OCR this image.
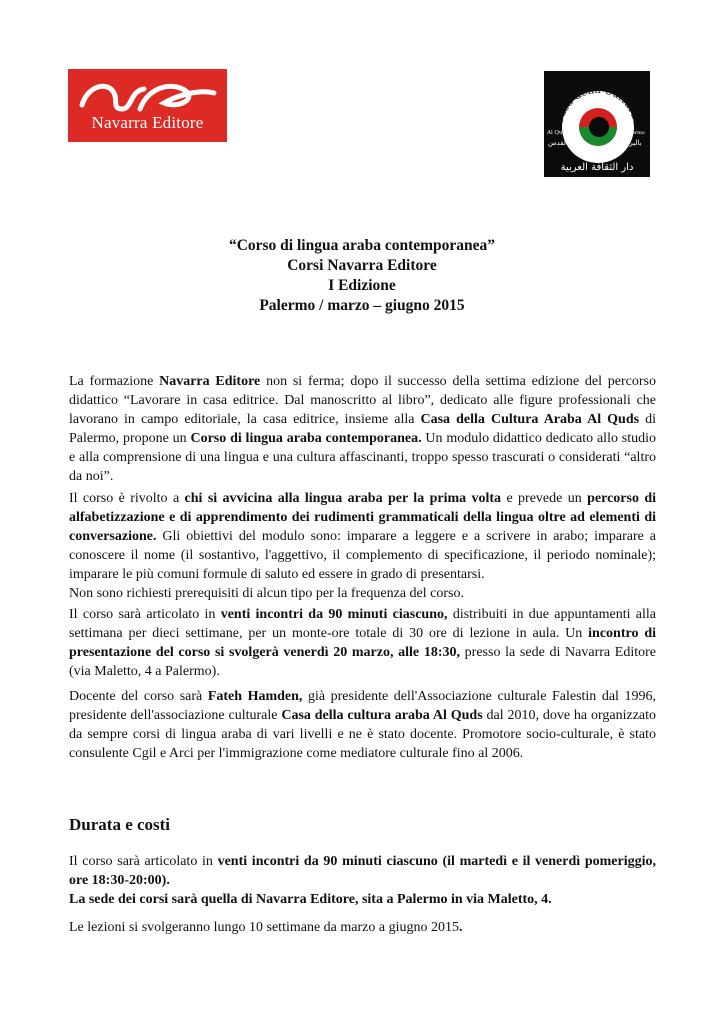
Navarra Editore	Casa della Cultura A
Al Quds
القدس
Palermo
باليرمو
دار الثقافة العربية
“Corso di lingua araba contemporanea”
Corsi Navarra Editore
I Edizione
Palermo / marzo – giugno 2015

La formazione Navarra Editore non si ferma; dopo il successo della settima edizione del percorso didattico “Lavorare in casa editrice. Dal manoscritto al libro”, dedicato alle figure professionali che lavorano in campo editoriale, la casa editrice, insieme alla Casa della Cultura Araba Al Quds di Palermo, propone un Corso di lingua araba contemporanea. Un modulo didattico dedicato allo studio e alla comprensione di una lingua e una cultura affascinanti, troppo spesso trascurati o considerati “altro da noi”.

Il corso è rivolto a chi si avvicina alla lingua araba per la prima volta e prevede un percorso di alfabetizzazione e di apprendimento dei rudimenti grammaticali della lingua oltre ad elementi di conversazione. Gli obiettivi del modulo sono: imparare a leggere e a scrivere in arabo; imparare a conoscere il nome (il sostantivo, l'aggettivo, il complemento di specificazione, il periodo nominale); imparare le più comuni formule di saluto ed essere in grado di presentarsi.
Non sono richiesti prerequisiti di alcun tipo per la frequenza del corso.

Il corso sarà articolato in venti incontri da 90 minuti ciascuno, distribuiti in due appuntamenti alla settimana per dieci settimane, per un monte-ore totale di 30 ore di lezione in aula. Un incontro di presentazione del corso si svolgerà venerdì 20 marzo, alle 18:30, presso la sede di Navarra Editore (via Maletto, 4 a Palermo).

Docente del corso sarà Fateh Hamden, già presidente dell'Associazione culturale Falestin dal 1996, presidente dell'associazione culturale Casa della cultura araba Al Quds dal 2010, dove ha organizzato da sempre corsi di lingua araba di vari livelli e ne è stato docente. Promotore socio-culturale, è stato consulente Cgil e Arci per l'immigrazione come mediatore culturale fino al 2006.

Durata e costi

Il corso sarà articolato in venti incontri da 90 minuti ciascuno (il martedì e il venerdì pomeriggio, ore 18:30-20:00).
La sede dei corsi sarà quella di Navarra Editore, sita a Palermo in via Maletto, 4.

Le lezioni si svolgeranno lungo 10 settimane da marzo a giugno 2015.
